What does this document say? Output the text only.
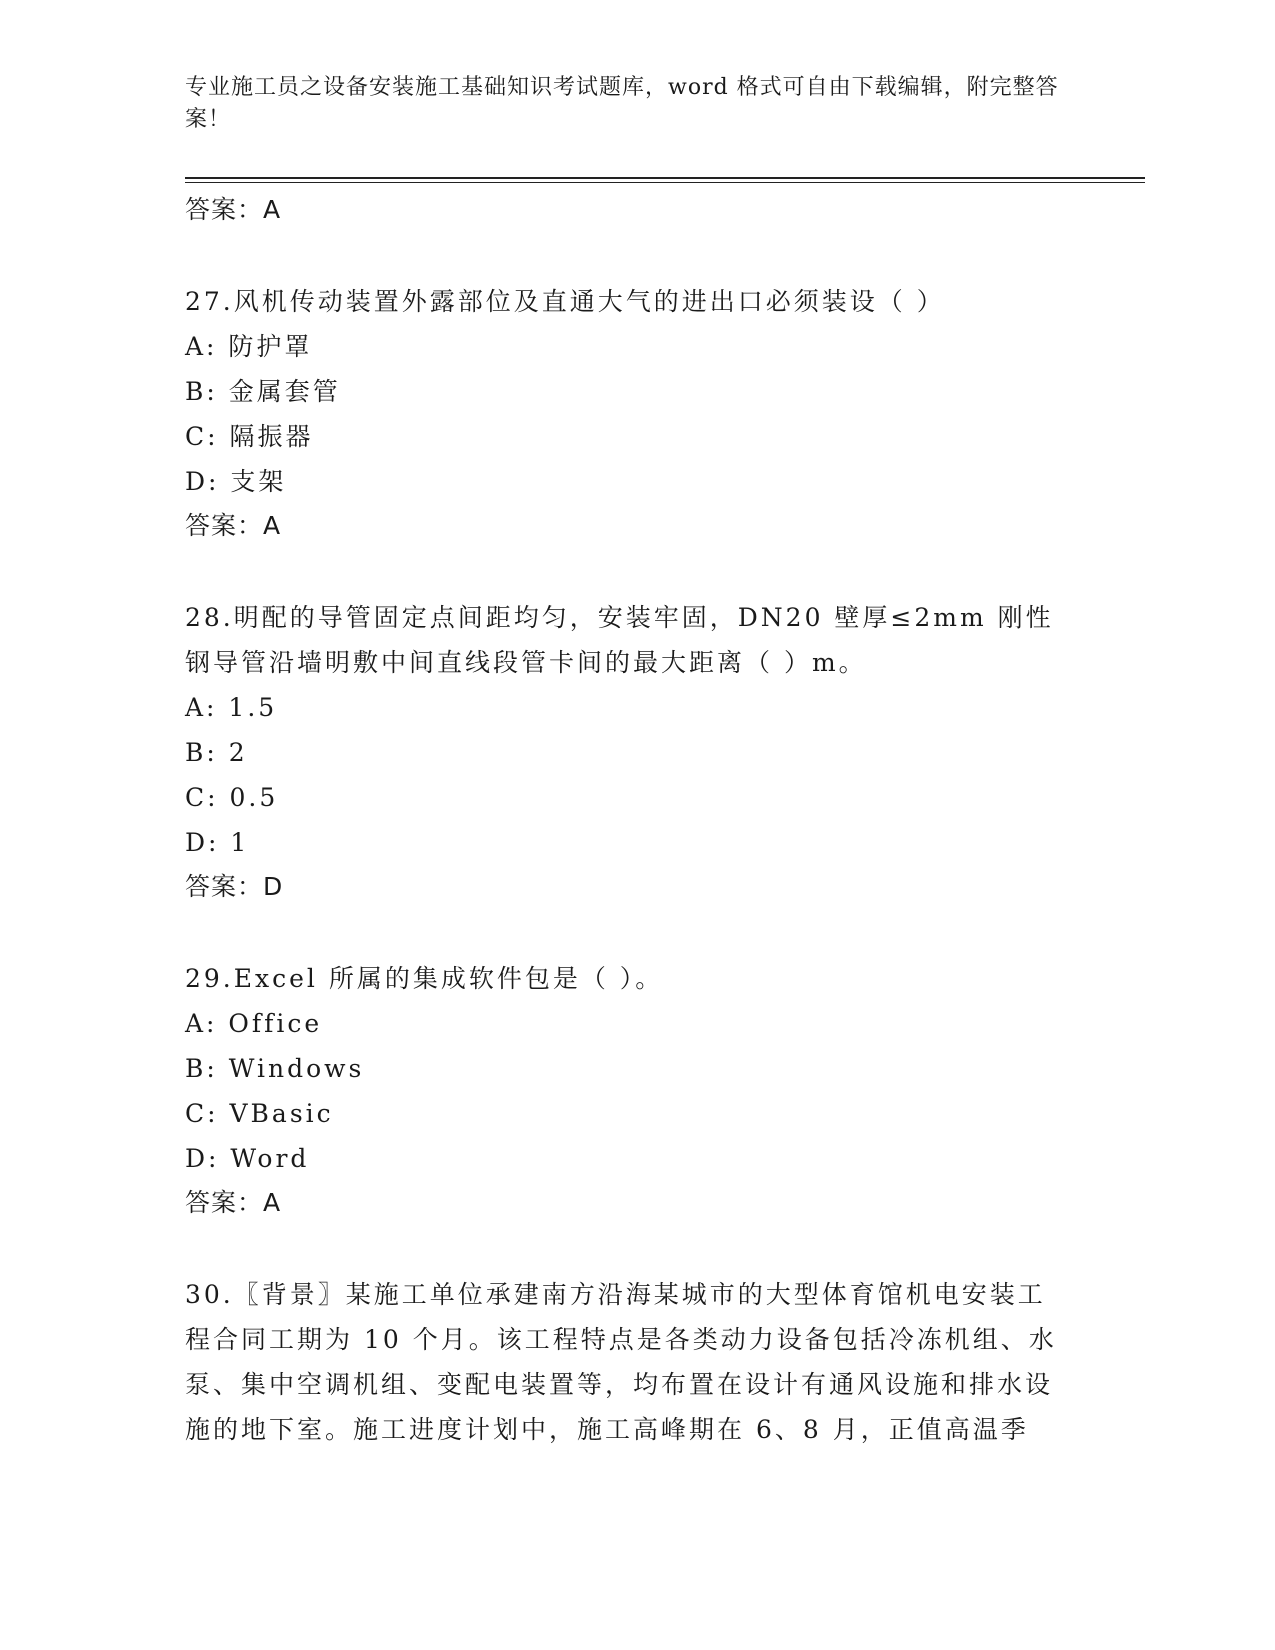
专业施工员之设备安装施工基础知识考试题库，word 格式可自由下载编辑，附完整答案！
答案：A
27.风机传动装置外露部位及直通大气的进出口必须装设（ ）
A: 防护罩
B: 金属套管
C: 隔振器
D: 支架
答案：A
28.明配的导管固定点间距均匀，安装牢固，DN20 壁厚≤2mm 刚性钢导管沿墙明敷中间直线段管卡间的最大距离（ ）m。
A: 1.5
B: 2
C: 0.5
D: 1
答案：D
29.Excel 所属的集成软件包是（ ）。
A: Office
B: Windows
C: VBasic
D: Word
答案：A
30.〖背景〗某施工单位承建南方沿海某城市的大型体育馆机电安装工程合同工期为 10 个月。该工程特点是各类动力设备包括冷冻机组、水泵、集中空调机组、变配电装置等，均布置在设计有通风设施和排水设施的地下室。施工进度计划中，施工高峰期在 6、8 月，正值高温季
